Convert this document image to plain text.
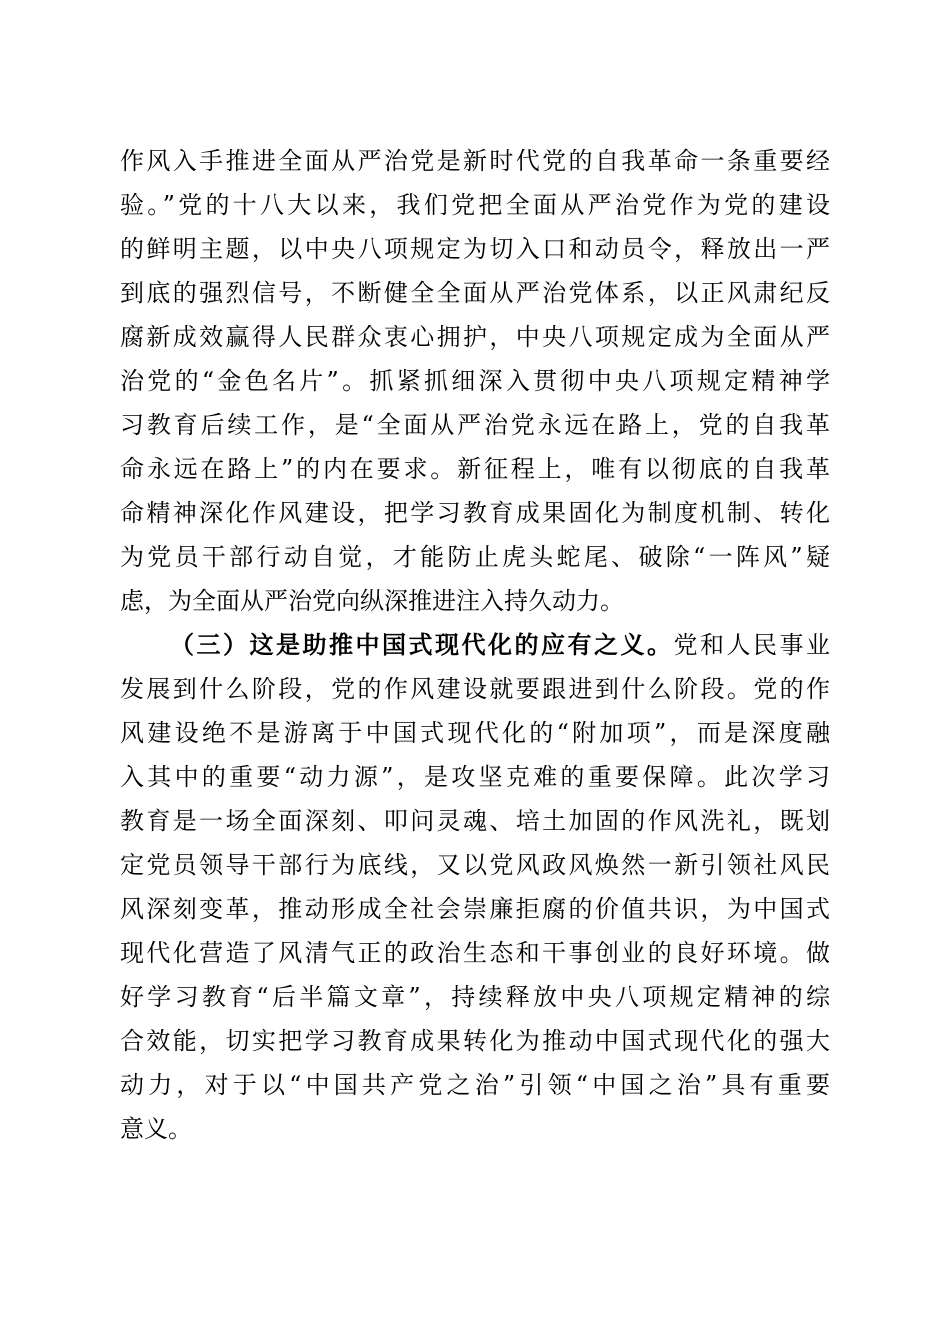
作风入手推进全面从严治党是新时代党的自我革命一条重要经

验。”党的十八大以来，我们党把全面从严治党作为党的建设

的鲜明主题，以中央八项规定为切入口和动员令，释放出一严

到底的强烈信号，不断健全全面从严治党体系，以正风肃纪反

腐新成效赢得人民群众衷心拥护，中央八项规定成为全面从严

治党的“金色名片”。抓紧抓细深入贯彻中央八项规定精神学

习教育后续工作，是“全面从严治党永远在路上，党的自我革

命永远在路上”的内在要求。新征程上，唯有以彻底的自我革

命精神深化作风建设，把学习教育成果固化为制度机制、转化

为党员干部行动自觉，才能防止虎头蛇尾、破除“一阵风”疑

虑，为全面从严治党向纵深推进注入持久动力。

（三）这是助推中国式现代化的应有之义。党和人民事业

发展到什么阶段，党的作风建设就要跟进到什么阶段。党的作

风建设绝不是游离于中国式现代化的“附加项”，而是深度融

入其中的重要“动力源”，是攻坚克难的重要保障。此次学习

教育是一场全面深刻、叩问灵魂、培土加固的作风洗礼，既划

定党员领导干部行为底线，又以党风政风焕然一新引领社风民

风深刻变革，推动形成全社会崇廉拒腐的价值共识，为中国式

现代化营造了风清气正的政治生态和干事创业的良好环境。做

好学习教育“后半篇文章”，持续释放中央八项规定精神的综

合效能，切实把学习教育成果转化为推动中国式现代化的强大

动力，对于以“中国共产党之治”引领“中国之治”具有重要

意义。
